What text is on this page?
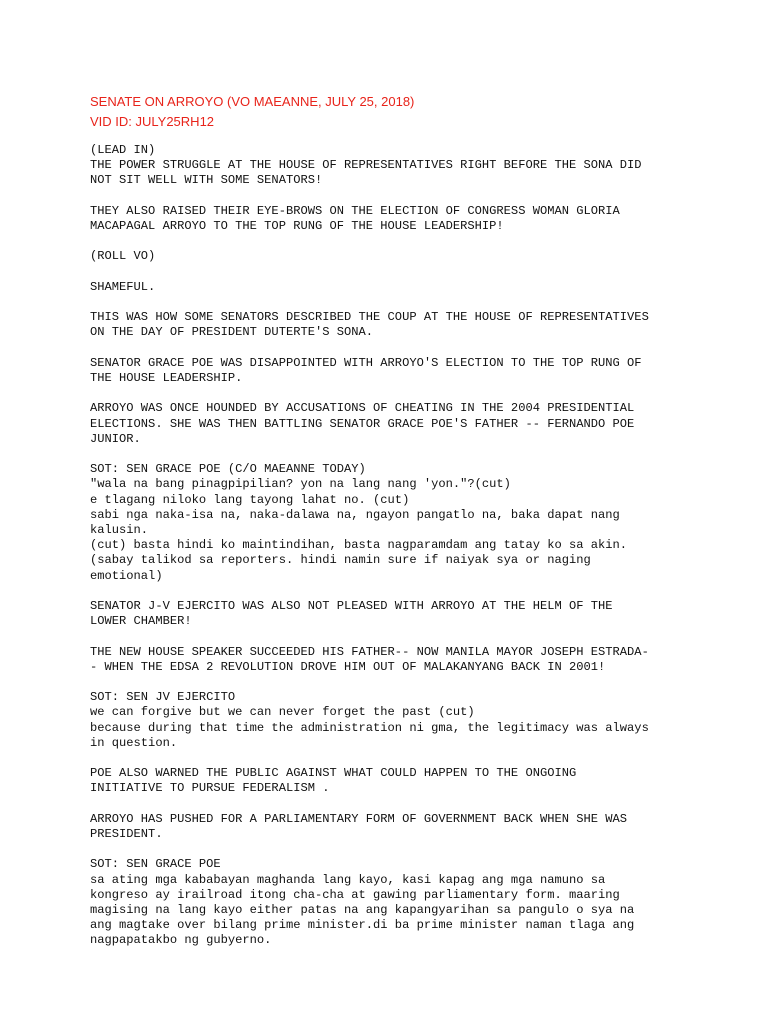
SENATE ON ARROYO (VO MAEANNE, JULY 25, 2018)
VID ID: JULY25RH12
(LEAD IN)
THE POWER STRUGGLE AT THE HOUSE OF REPRESENTATIVES RIGHT BEFORE THE SONA DID
NOT SIT WELL WITH SOME SENATORS!
THEY ALSO RAISED THEIR EYE-BROWS ON THE ELECTION OF CONGRESS WOMAN GLORIA
MACAPAGAL ARROYO TO THE TOP RUNG OF THE HOUSE LEADERSHIP!
(ROLL VO)
SHAMEFUL.
THIS WAS HOW SOME SENATORS DESCRIBED THE COUP AT THE HOUSE OF REPRESENTATIVES
ON THE DAY OF PRESIDENT DUTERTE'S SONA.
SENATOR GRACE POE WAS DISAPPOINTED WITH ARROYO'S ELECTION TO THE TOP RUNG OF
THE HOUSE LEADERSHIP.
ARROYO WAS ONCE HOUNDED BY ACCUSATIONS OF CHEATING IN THE 2004 PRESIDENTIAL
ELECTIONS. SHE WAS THEN BATTLING SENATOR GRACE POE'S FATHER -- FERNANDO POE
JUNIOR.
SOT: SEN GRACE POE (C/O MAEANNE TODAY)
"wala na bang pinagpipilian? yon na lang nang 'yon."?(cut)
e tlagang niloko lang tayong lahat no. (cut)
sabi nga naka-isa na, naka-dalawa na, ngayon pangatlo na, baka dapat nang
kalusin.
(cut) basta hindi ko maintindihan, basta nagparamdam ang tatay ko sa akin.
(sabay talikod sa reporters. hindi namin sure if naiyak sya or naging
emotional)
SENATOR J-V EJERCITO WAS ALSO NOT PLEASED WITH ARROYO AT THE HELM OF THE
LOWER CHAMBER!
THE NEW HOUSE SPEAKER SUCCEEDED HIS FATHER-- NOW MANILA MAYOR JOSEPH ESTRADA-
- WHEN THE EDSA 2 REVOLUTION DROVE HIM OUT OF MALAKANYANG BACK IN 2001!
SOT: SEN JV EJERCITO
we can forgive but we can never forget the past (cut)
because during that time the administration ni gma, the legitimacy was always
in question.
POE ALSO WARNED THE PUBLIC AGAINST WHAT COULD HAPPEN TO THE ONGOING
INITIATIVE TO PURSUE FEDERALISM .
ARROYO HAS PUSHED FOR A PARLIAMENTARY FORM OF GOVERNMENT BACK WHEN SHE WAS
PRESIDENT.
SOT: SEN GRACE POE
sa ating mga kababayan maghanda lang kayo, kasi kapag ang mga namuno sa
kongreso ay irailroad itong cha-cha at gawing parliamentary form. maaring
magising na lang kayo either patas na ang kapangyarihan sa pangulo o sya na
ang magtake over bilang prime minister.di ba prime minister naman tlaga ang
nagpapatakbo ng gubyerno.
